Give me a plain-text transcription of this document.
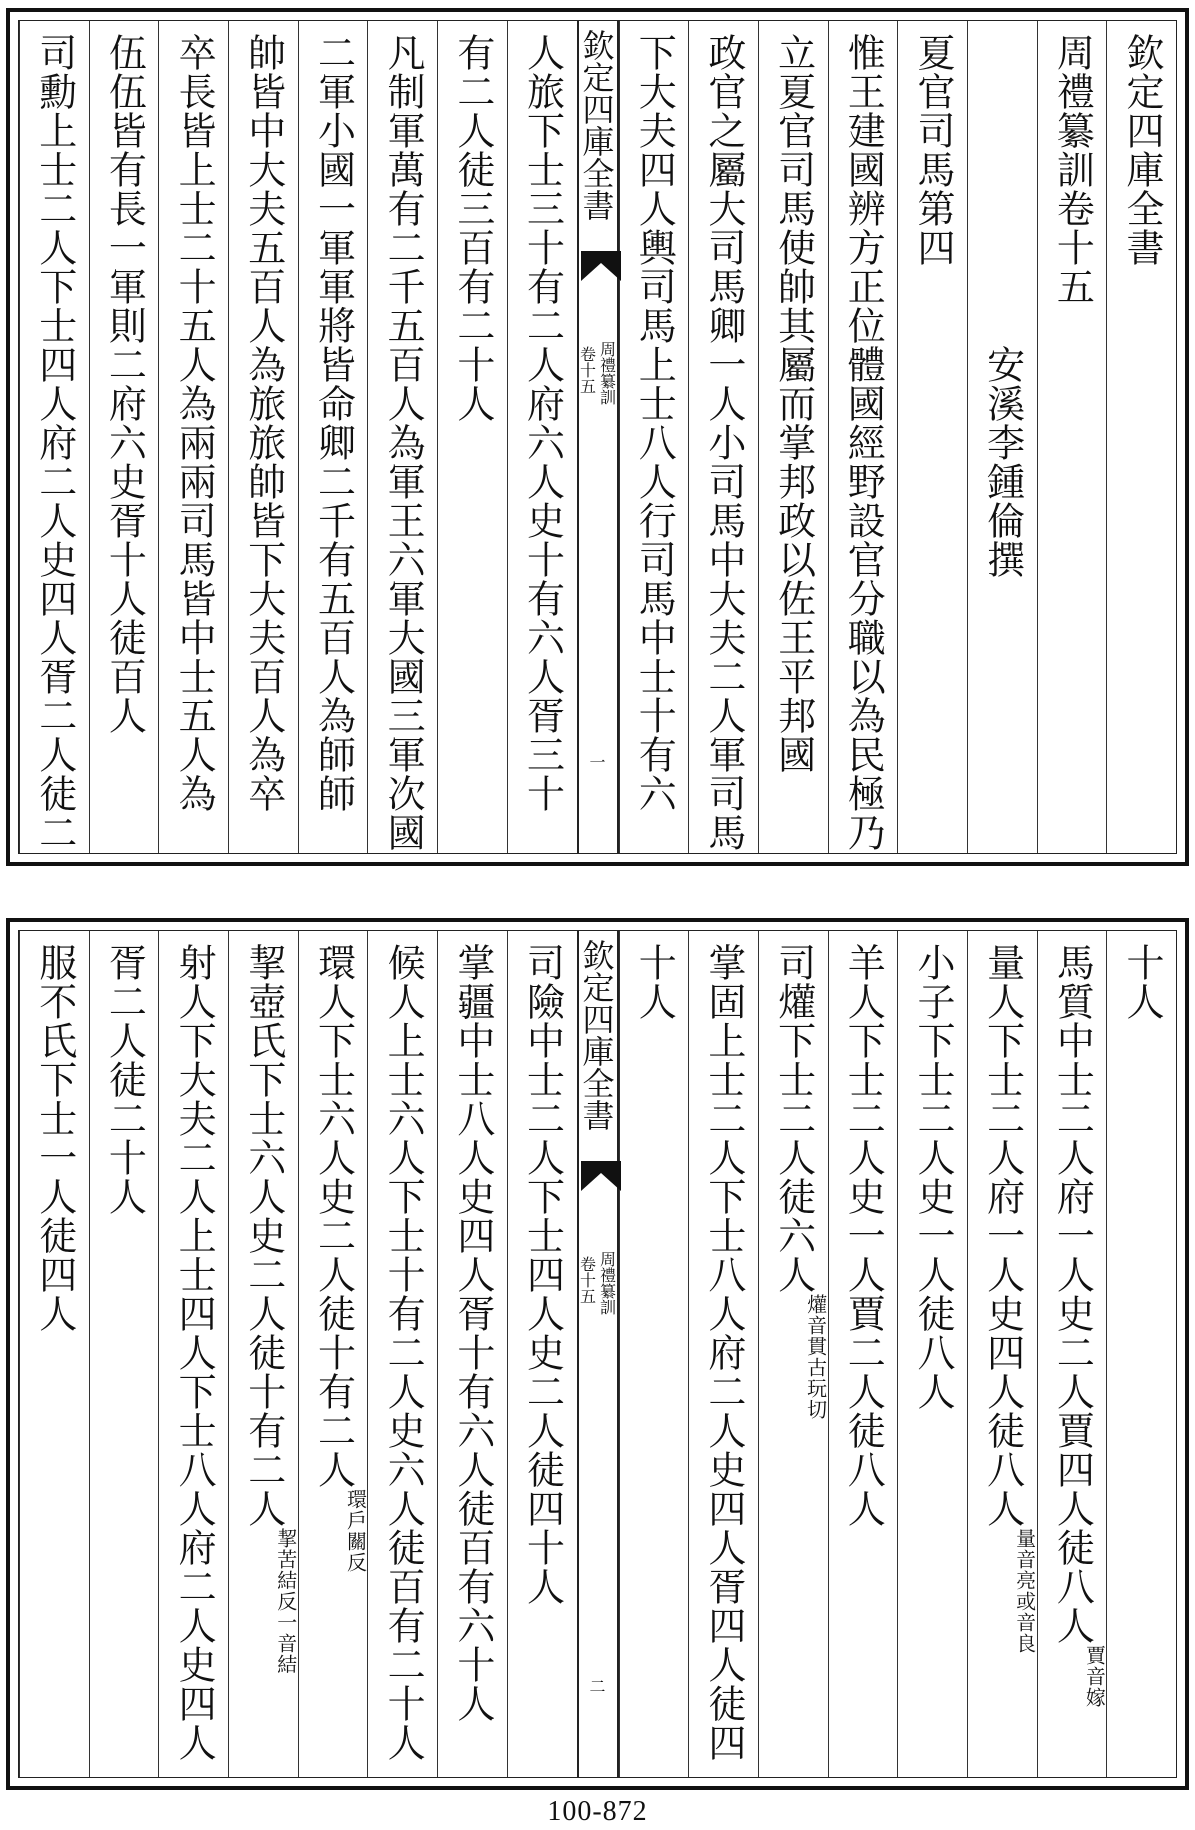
欽定四庫全書
周禮纂訓卷十五
　　　　　　　　安溪李鍾倫撰
夏官司馬第四
惟王建國辨方正位體國經野設官分職以為民極乃
立夏官司馬使帥其屬而掌邦政以佐王平邦國
政官之屬大司馬卿一人小司馬中大夫二人軍司馬
下大夫四人輿司馬上士八人行司馬中士十有六
欽定四庫全書
周禮纂訓
卷十五
一
人旅下士三十有二人府六人史十有六人胥三十
有二人徒三百有二十人
凡制軍萬有二千五百人為軍王六軍大國三軍次國
二軍小國一軍軍將皆命卿二千有五百人為師師
帥皆中大夫五百人為旅旅帥皆下大夫百人為卒
卒長皆上士二十五人為兩兩司馬皆中士五人為
伍伍皆有長一軍則二府六史胥十人徒百人
司勳上士二人下士四人府二人史四人胥二人徒二
十人
馬質中士二人府一人史二人賈四人徒八人賈音嫁
量人下士二人府一人史四人徒八人量音亮或音良
小子下士二人史一人徒八人
羊人下士二人史一人賈二人徒八人
司爟下士二人徒六人爟音貫古玩切
掌固上士二人下士八人府二人史四人胥四人徒四
十人
欽定四庫全書
周禮纂訓
卷十五
二
司險中士二人下士四人史二人徒四十人
掌疆中士八人史四人胥十有六人徒百有六十人
候人上士六人下士十有二人史六人徒百有二十人
環人下士六人史二人徒十有二人環戶關反
挈壺氏下士六人史二人徒十有二人挈苦結反一音結
射人下大夫二人上士四人下士八人府二人史四人
胥二人徒二十人
服不氏下士一人徒四人
100-872
